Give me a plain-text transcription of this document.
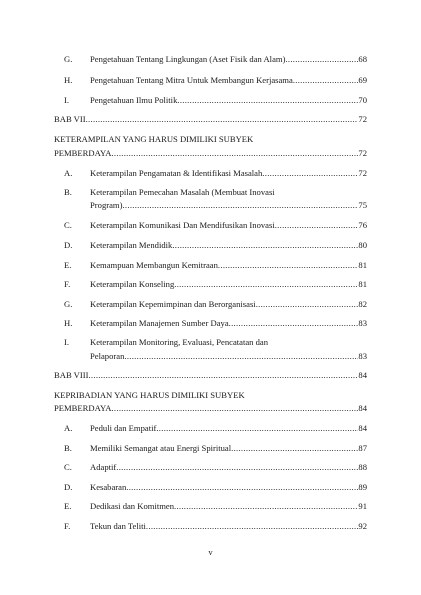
G. Pengetahuan Tentang Lingkungan (Aset Fisik dan Alam) .....	68
H. Pengetahuan Tentang Mitra Untuk Membangun Kerjasama .....	69
I. Pengetahuan Ilmu Politik .....	70
BAB VII .....	72
KETERAMPILAN YANG HARUS DIMILIKI SUBYEK
PEMBERDAYA .....	72
A. Keterampilan Pengamatan & Identifikasi Masalah .....	72
B. Keterampilan Pemecahan Masalah (Membuat Inovasi
Program) .....	75
C. Keterampilan Komunikasi Dan Mendifusikan Inovasi .....	76
D. Keterampilan Mendidik .....	80
E. Kemampuan Membangun Kemitraan .....	81
F. Keterampilan Konseling .....	81
G. Keterampilan Kepemimpinan dan Berorganisasi .....	82
H. Keterampilan Manajemen Sumber Daya .....	83
I. Keterampilan Monitoring, Evaluasi, Pencatatan dan
Pelaporan .....	83
BAB VIII .....	84
KEPRIBADIAN YANG HARUS DIMILIKI SUBYEK
PEMBERDAYA .....	84
A. Peduli dan Empatif .....	84
B. Memiliki Semangat atau Energi Spiritual .....	87
C. Adaptif .....	88
D. Kesabaran .....	89
E. Dedikasi dan Komitmen .....	91
F. Tekun dan Teliti .....	92
v
